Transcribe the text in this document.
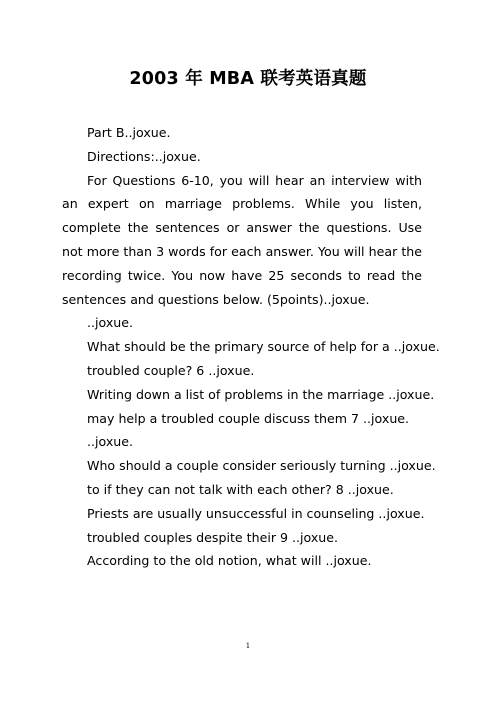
2003 年 MBA 联考英语真题

Part B..joxue.

Directions:..joxue.

For Questions 6-10, you will hear an interview with an expert on marriage problems. While you listen, complete the sentences or answer the questions. Use not more than 3 words for each answer. You will hear the recording twice. You now have 25 seconds to read the sentences and questions below. (5points)..joxue.

..joxue.

What should be the primary source of help for a ..joxue.

troubled couple? 6 ..joxue.

Writing down a list of problems in the marriage ..joxue.

may help a troubled couple discuss them 7 ..joxue.

..joxue.

Who should a couple consider seriously turning ..joxue.

to if they can not talk with each other? 8 ..joxue.

Priests are usually unsuccessful in counseling ..joxue.

troubled couples despite their 9 ..joxue.

According to the old notion, what will ..joxue.

1
